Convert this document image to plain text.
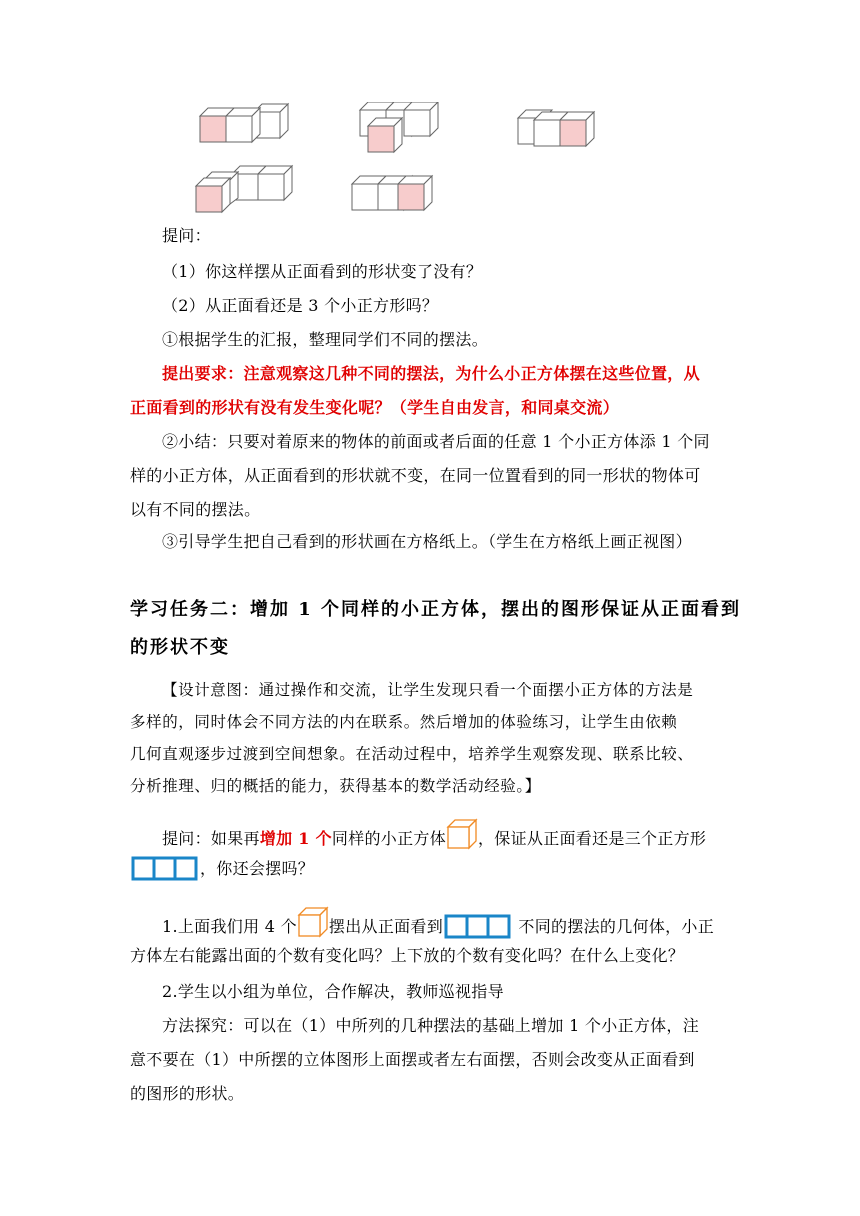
提问：
（1）你这样摆从正面看到的形状变了没有？
（2）从正面看还是 3 个小正方形吗？
①根据学生的汇报，整理同学们不同的摆法。
提出要求：注意观察这几种不同的摆法，为什么小正方体摆在这些位置，从
正面看到的形状有没有发生变化呢？（学生自由发言，和同桌交流）
②小结：只要对着原来的物体的前面或者后面的任意 1 个小正方体添 1 个同
样的小正方体，从正面看到的形状就不变，在同一位置看到的同一形状的物体可
以有不同的摆法。
③引导学生把自己看到的形状画在方格纸上。（学生在方格纸上画正视图）
学习任务二：增加 1 个同样的小正方体，摆出的图形保证从正面看到
的形状不变
【设计意图：通过操作和交流，让学生发现只看一个面摆小正方体的方法是
多样的，同时体会不同方法的内在联系。然后增加的体验练习，让学生由依赖
几何直观逐步过渡到空间想象。在活动过程中，培养学生观察发现、联系比较、
分析推理、归的概括的能力，获得基本的数学活动经验。】
提问：如果再增加 1 个同样的小正方体 ，保证从正面看还是三个正方形
，你还会摆吗？
1.上面我们用 4 个 摆出从正面看到	不同的摆法的几何体，小正
方体左右能露出面的个数有变化吗？上下放的个数有变化吗？在什么上变化？
2.学生以小组为单位，合作解决，教师巡视指导
方法探究：可以在（1）中所列的几种摆法的基础上增加 1 个小正方体，注
意不要在（1）中所摆的立体图形上面摆或者左右面摆，否则会改变从正面看到
的图形的形状。
